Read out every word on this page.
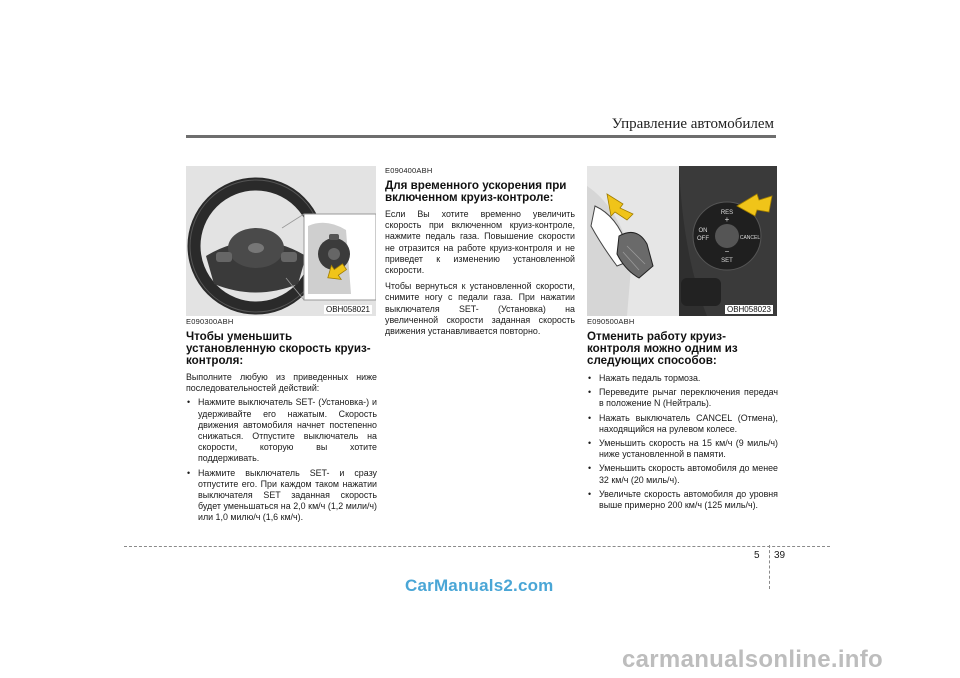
Управление автомобилем
OBH058021
E090300ABH
Чтобы уменьшить установленную скорость круиз-контроля:
Выполните любую из приведенных ниже последовательностей действий:
• Нажмите выключатель SET- (Установка-) и удерживайте его нажатым. Скорость движения автомобиля начнет постепенно снижаться. Отпустите выключатель на скорости, которую вы хотите поддерживать.
• Нажмите выключатель SET- и сразу отпустите его. При каждом таком нажатии выключателя SET заданная скорость будет уменьшаться на 2,0 км/ч (1,2 мили/ч) или 1,0 милю/ч (1,6 км/ч).
E090400ABH
Для временного ускорения при включенном круиз-контроле:
Если Вы хотите временно увеличить скорость при включенном круиз-контроле, нажмите педаль газа. Повышение скорости не отразится на работе круиз-контроля и не приведет к изменению установленной скорости.
Чтобы вернуться к установленной скорости, снимите ногу с педали газа. При нажатии выключателя SET- (Установка) на увеличенной скорости заданная скорость движения устанавливается повторно.
RES
+
ON
OFF	CANCEL
−
SET
OBH058023
E090500ABH
Отменить работу круиз-контроля можно одним из следующих способов:
• Нажать педаль тормоза.
• Переведите рычаг переключения передач в положение N (Нейтраль).
• Нажать выключатель CANCEL (Отмена), находящийся на рулевом колесе.
• Уменьшить скорость на 15 км/ч (9 миль/ч) ниже установленной в памяти.
• Уменьшить скорость автомобиля до менее 32 км/ч (20 миль/ч).
• Увеличьте скорость автомобиля до уровня выше примерно 200 км/ч (125 миль/ч).
5 39
CarManuals2.com
carmanualsonline.info
